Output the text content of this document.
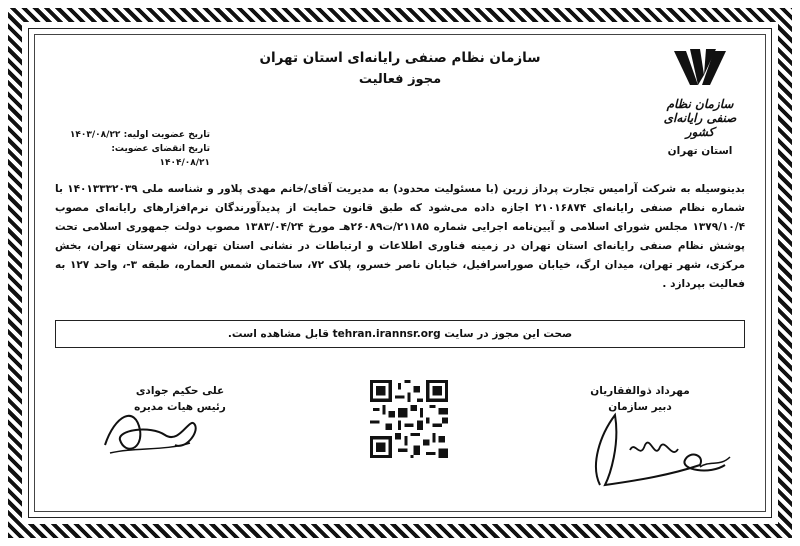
سازمان نظام صنفی رایانه‌ای استان تهران
مجوز فعالیت
سازمان نظام صنفی رایانه‌ای کشور
استان تهران
تاریخ عضویت اولیه: ۱۴۰۳/۰۸/۲۲
تاریخ انقضای عضویت: ۱۴۰۴/۰۸/۲۱
بدینوسیله به شرکت آرامیس تجارت پرداز زرین (با مسئولیت محدود) به مدیریت آقای/خانم مهدی پلاور و شناسه ملی ۱۴۰۱۳۳۳۲۰۳۹ با شماره نظام صنفی رایانه‌ای ۲۱۰۱۶۸۷۴ اجازه داده می‌شود که طبق قانون حمایت از پدیدآورندگان نرم‌افزارهای رایانه‌ای مصوب ۱۳۷۹/۱۰/۴ مجلس شورای اسلامی و آیین‌نامه اجرایی شماره ۲۱۱۸۵/ت۲۶۰۸۹هـ مورخ ۱۳۸۳/۰۴/۲۴ مصوب دولت جمهوری اسلامی تحت پوشش نظام صنفی رایانه‌ای استان تهران در زمینه فناوری اطلاعات و ارتباطات در نشانی استان تهران، شهرستان تهران، بخش مرکزی، شهر تهران، میدان ارگ، خیابان صوراسرافیل، خیابان ناصر خسرو، پلاک ۷۲، ساختمان شمس العماره، طبقه ۳-، واحد ۱۲۷ به فعالیت بپردازد .
صحت این مجوز در سایت tehran.irannsr.org قابل مشاهده است.
علی حکیم جوادی
رئیس هیات مدیره
مهرداد ذوالفقاریان
دبیر سازمان
